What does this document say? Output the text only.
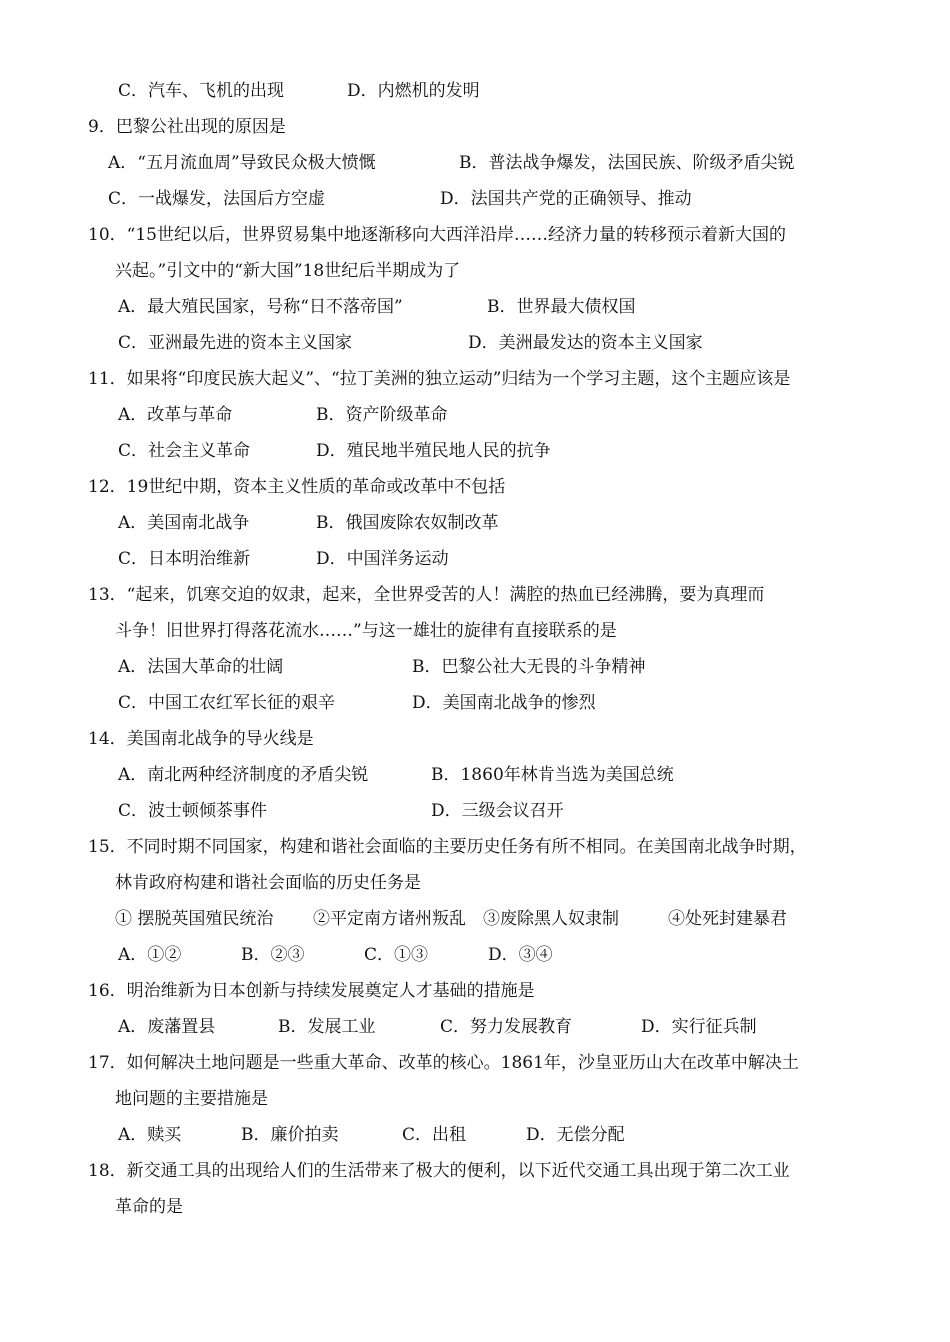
C．汽车、飞机的出现	D．内燃机的发明
9．巴黎公社出现的原因是
A．“五月流血周”导致民众极大愤慨	B．普法战争爆发，法国民族、阶级矛盾尖锐
C．一战爆发，法国后方空虚	D．法国共产党的正确领导、推动
10．“15世纪以后，世界贸易集中地逐渐移向大西洋沿岸……经济力量的转移预示着新大国的
兴起。”引文中的“新大国”18世纪后半期成为了
A．最大殖民国家，号称“日不落帝国”	B．世界最大债权国
C．亚洲最先进的资本主义国家	D．美洲最发达的资本主义国家
11．如果将“印度民族大起义”、“拉丁美洲的独立运动”归结为一个学习主题，这个主题应该是
A．改革与革命	B．资产阶级革命
C．社会主义革命	D．殖民地半殖民地人民的抗争
12．19世纪中期，资本主义性质的革命或改革中不包括
A．美国南北战争	B．俄国废除农奴制改革
C．日本明治维新	D．中国洋务运动
13．“起来，饥寒交迫的奴隶，起来，全世界受苦的人！满腔的热血已经沸腾，要为真理而
斗争！旧世界打得落花流水……”与这一雄壮的旋律有直接联系的是
A．法国大革命的壮阔	B．巴黎公社大无畏的斗争精神
C．中国工农红军长征的艰辛	D．美国南北战争的惨烈
14．美国南北战争的导火线是
A．南北两种经济制度的矛盾尖锐	B．1860年林肯当选为美国总统
C．波士顿倾茶事件	D．三级会议召开
15．不同时期不同国家，构建和谐社会面临的主要历史任务有所不相同。在美国南北战争时期，
林肯政府构建和谐社会面临的历史任务是
① 摆脱英国殖民统治 ②平定南方诸州叛乱 ③废除黑人奴隶制	④处死封建暴君
A．①②	B．②③	C．①③	D．③④
16．明治维新为日本创新与持续发展奠定人才基础的措施是
A．废藩置县	B．发展工业	C．努力发展教育	D．实行征兵制
17．如何解决土地问题是一些重大革命、改革的核心。1861年，沙皇亚历山大在改革中解决土
地问题的主要措施是
A．赎买	B．廉价拍卖	C．出租	D．无偿分配
18．新交通工具的出现给人们的生活带来了极大的便利，以下近代交通工具出现于第二次工业
革命的是
